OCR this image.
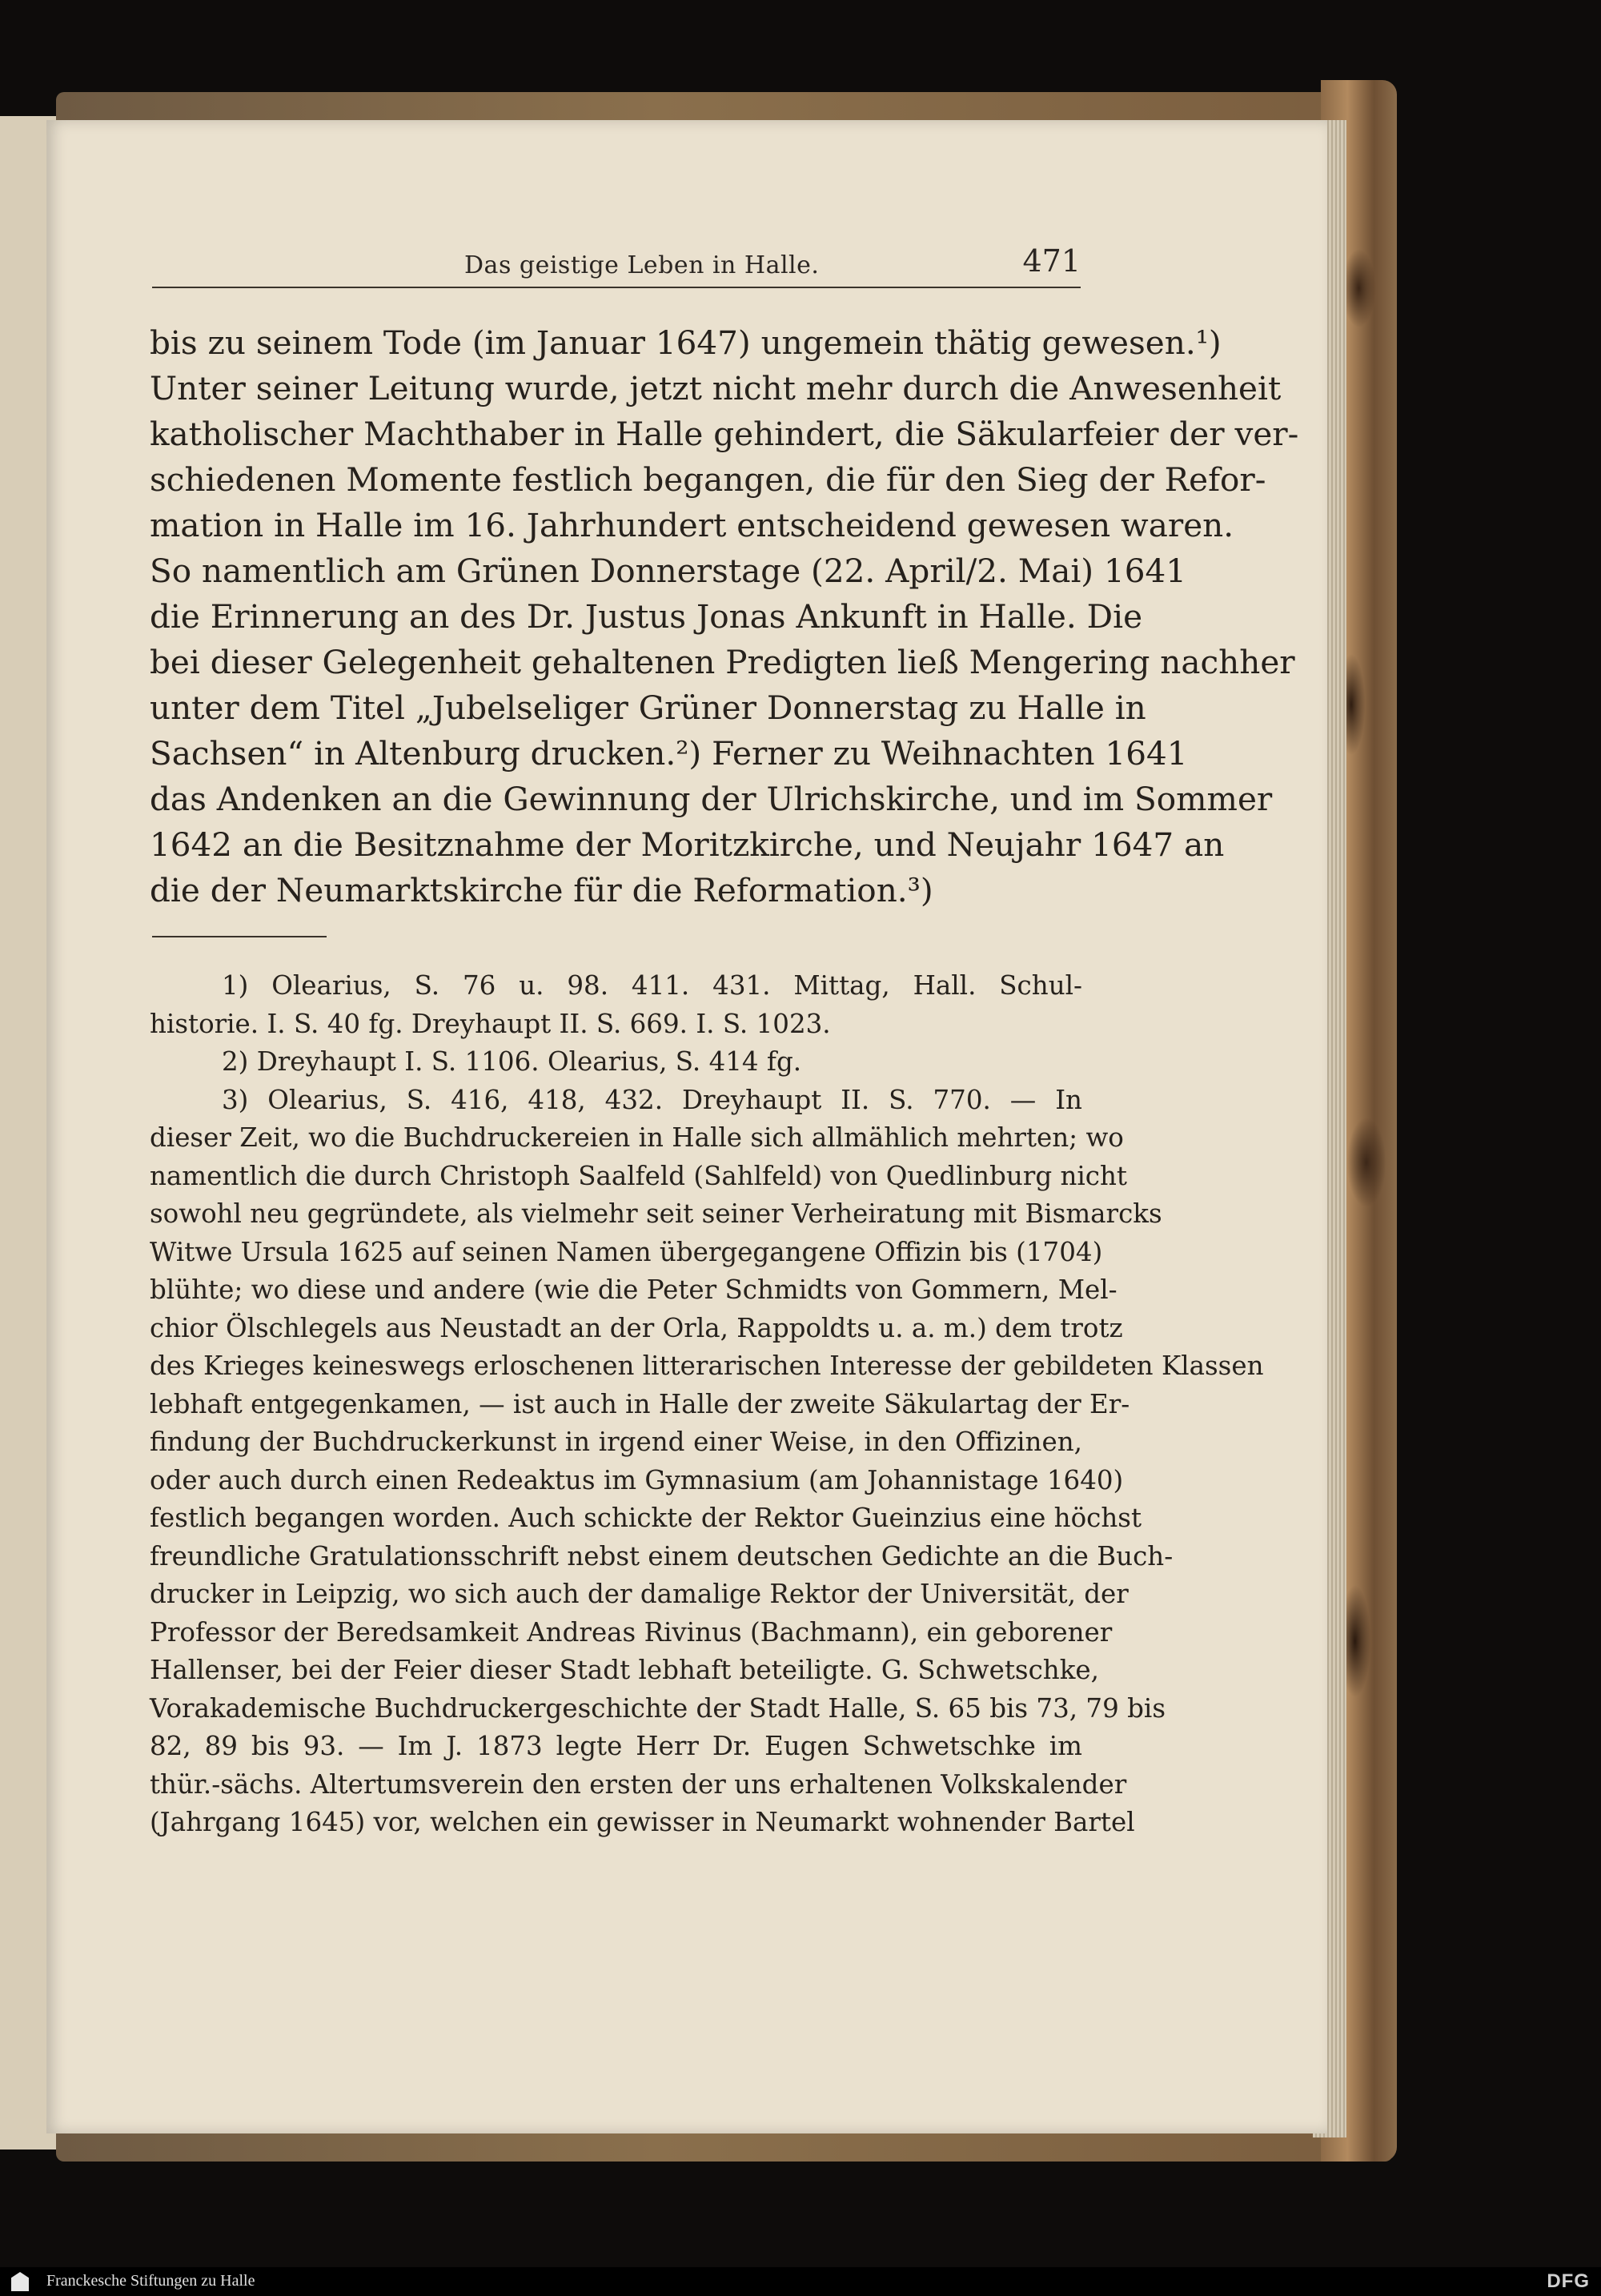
Das geistige Leben in Halle.	471
bis zu seinem Tode (im Januar 1647) ungemein thätig gewesen.¹)
Unter seiner Leitung wurde, jetzt nicht mehr durch die Anwesenheit
katholischer Machthaber in Halle gehindert, die Säkularfeier der ver-
schiedenen Momente festlich begangen, die für den Sieg der Refor-
mation in Halle im 16. Jahrhundert entscheidend gewesen waren.
So namentlich am Grünen Donnerstage (22. April/2. Mai) 1641
die Erinnerung an des Dr. Justus Jonas Ankunft in Halle. Die
bei dieser Gelegenheit gehaltenen Predigten ließ Mengering nachher
unter dem Titel „Jubelseliger Grüner Donnerstag zu Halle in
Sachsen“ in Altenburg drucken.²) Ferner zu Weihnachten 1641
das Andenken an die Gewinnung der Ulrichskirche, und im Sommer
1642 an die Besitznahme der Moritzkirche, und Neujahr 1647 an
die der Neumarktskirche für die Reformation.³)
1) Olearius, S. 76 u. 98. 411. 431. Mittag, Hall. Schul-
historie. I. S. 40 fg. Dreyhaupt II. S. 669. I. S. 1023.
2) Dreyhaupt I. S. 1106. Olearius, S. 414 fg.
3) Olearius, S. 416, 418, 432. Dreyhaupt II. S. 770. — In
dieser Zeit, wo die Buchdruckereien in Halle sich allmählich mehrten; wo
namentlich die durch Christoph Saalfeld (Sahlfeld) von Quedlinburg nicht
sowohl neu gegründete, als vielmehr seit seiner Verheiratung mit Bismarcks
Witwe Ursula 1625 auf seinen Namen übergegangene Offizin bis (1704)
blühte; wo diese und andere (wie die Peter Schmidts von Gommern, Mel-
chior Ölschlegels aus Neustadt an der Orla, Rappoldts u. a. m.) dem trotz
des Krieges keineswegs erloschenen litterarischen Interesse der gebildeten Klassen
lebhaft entgegenkamen, — ist auch in Halle der zweite Säkulartag der Er-
findung der Buchdruckerkunst in irgend einer Weise, in den Offizinen,
oder auch durch einen Redeaktus im Gymnasium (am Johannistage 1640)
festlich begangen worden. Auch schickte der Rektor Gueinzius eine höchst
freundliche Gratulationsschrift nebst einem deutschen Gedichte an die Buch-
drucker in Leipzig, wo sich auch der damalige Rektor der Universität, der
Professor der Beredsamkeit Andreas Rivinus (Bachmann), ein geborener
Hallenser, bei der Feier dieser Stadt lebhaft beteiligte. G. Schwetschke,
Vorakademische Buchdruckergeschichte der Stadt Halle, S. 65 bis 73, 79 bis
82, 89 bis 93. — Im J. 1873 legte Herr Dr. Eugen Schwetschke im
thür.-sächs. Altertumsverein den ersten der uns erhaltenen Volkskalender
(Jahrgang 1645) vor, welchen ein gewisser in Neumarkt wohnender Bartel
Franckesche Stiftungen zu Halle	DFG
